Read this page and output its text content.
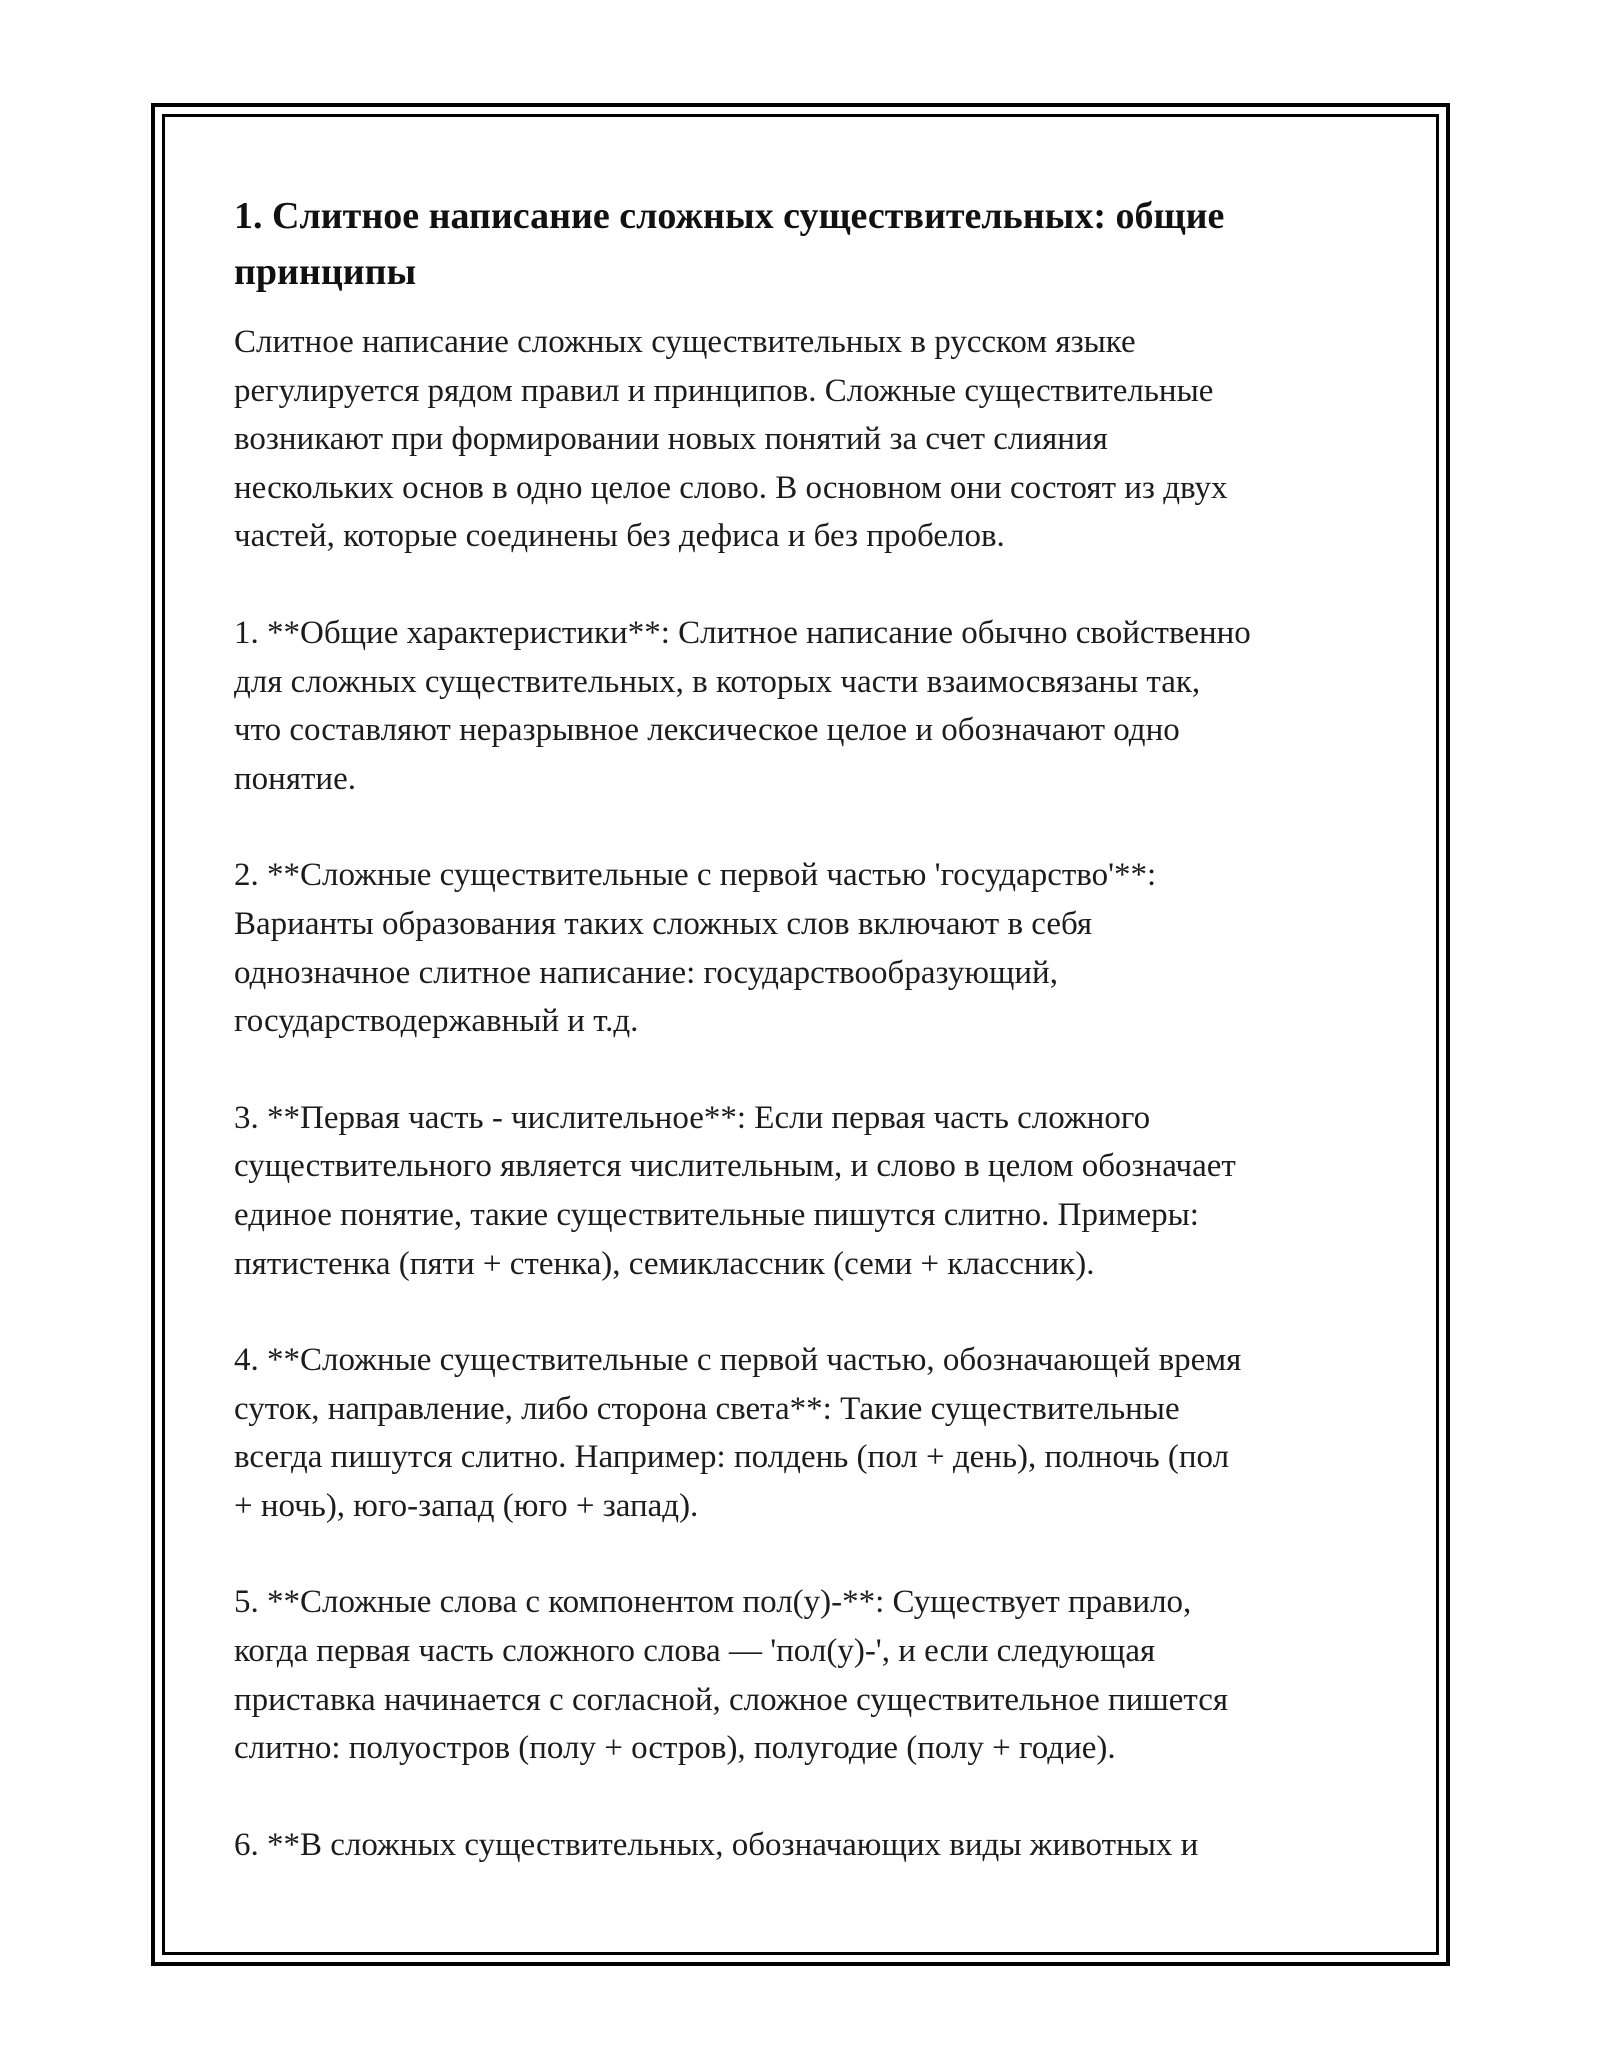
1. Слитное написание сложных существительных: общие
принципы

Слитное написание сложных существительных в русском языке
регулируется рядом правил и принципов. Сложные существительные
возникают при формировании новых понятий за счет слияния
нескольких основ в одно целое слово. В основном они состоят из двух
частей, которые соединены без дефиса и без пробелов.

1. **Общие характеристики**: Слитное написание обычно свойственно
для сложных существительных, в которых части взаимосвязаны так,
что составляют неразрывное лексическое целое и обозначают одно
понятие.

2. **Сложные существительные с первой частью 'государство'**:
Варианты образования таких сложных слов включают в себя
однозначное слитное написание: государствообразующий,
государстводержавный и т.д.

3. **Первая часть - числительное**: Если первая часть сложного
существительного является числительным, и слово в целом обозначает
единое понятие, такие существительные пишутся слитно. Примеры:
пятистенка (пяти + стенка), семиклассник (семи + классник).

4. **Сложные существительные с первой частью, обозначающей время
суток, направление, либо сторона света**: Такие существительные
всегда пишутся слитно. Например: полдень (пол + день), полночь (пол
+ ночь), юго-запад (юго + запад).

5. **Сложные слова с компонентом пол(у)-**: Существует правило,
когда первая часть сложного слова — 'пол(у)-', и если следующая
приставка начинается с согласной, сложное существительное пишется
слитно: полуостров (полу + остров), полугодие (полу + годие).

6. **В сложных существительных, обозначающих виды животных и
